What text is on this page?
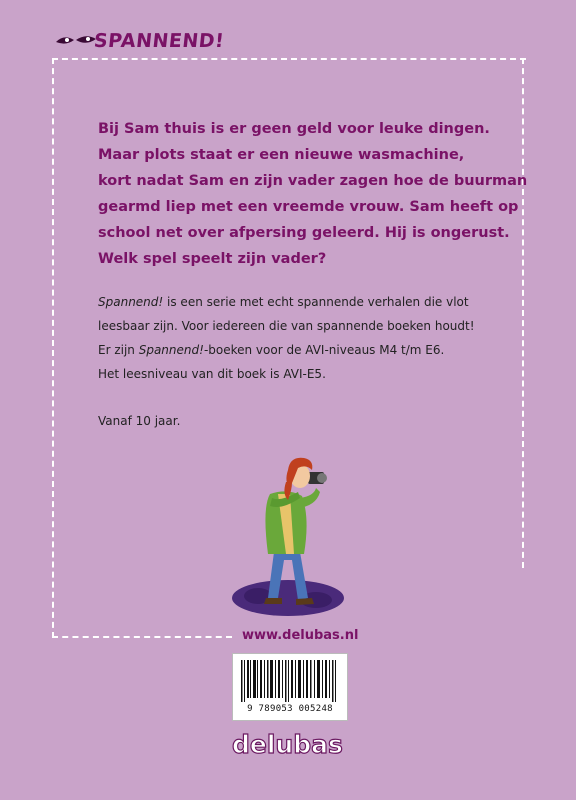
SPANNEND!

Bij Sam thuis is er geen geld voor leuke dingen.
Maar plots staat er een nieuwe wasmachine,
kort nadat Sam en zijn vader zagen hoe de buurman
gearmd liep met een vreemde vrouw. Sam heeft op
school net over afpersing geleerd. Hij is ongerust.
Welk spel speelt zijn vader?

Spannend! is een serie met echt spannende verhalen die vlot
leesbaar zijn. Voor iedereen die van spannende boeken houdt!
Er zijn Spannend!-boeken voor de AVI-niveaus M4 t/m E6.
Het leesniveau van dit boek is AVI-E5.
Vanaf 10 jaar.
www.delubas.nl
9 789053 005248
delubas
